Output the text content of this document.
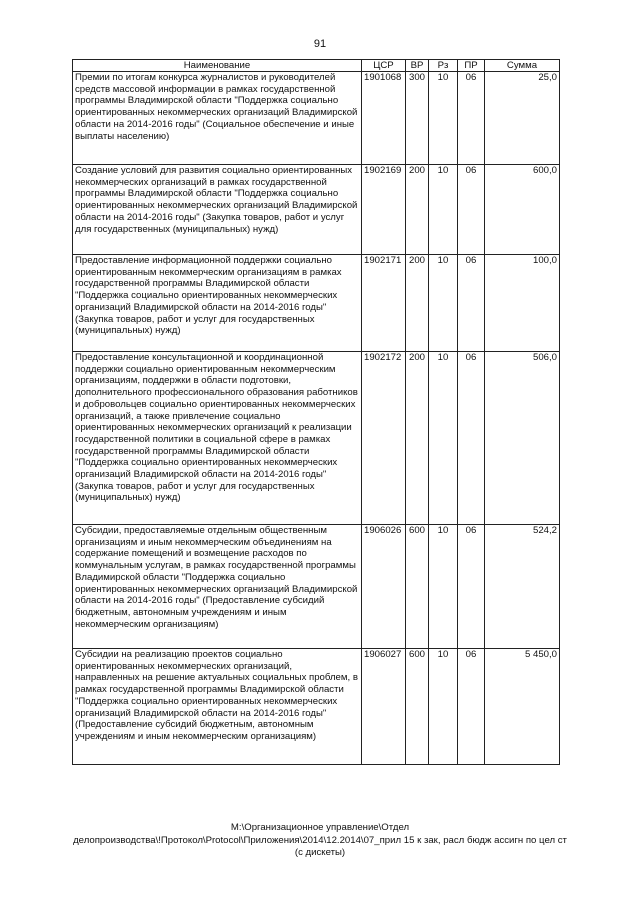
91
Наименование	ЦСР	ВР	Рз	ПР	Сумма
Премии по итогам конкурса журналистов и руководителей средств массовой информации в рамках государственной программы Владимирской области "Поддержка социально ориентированных некоммерческих организаций Владимирской области на 2014-2016 годы" (Социальное обеспечение и иные выплаты населению)	1901068	300	10	06	25,0
Создание условий для развития социально ориентированных некоммерческих организаций в рамках государственной программы Владимирской области "Поддержка социально ориентированных некоммерческих организаций Владимирской области на 2014-2016 годы" (Закупка товаров, работ и услуг для государственных (муниципальных) нужд)	1902169	200	10	06	600,0
Предоставление информационной поддержки социально ориентированным некоммерческим организациям в рамках государственной программы Владимирской области "Поддержка социально ориентированных некоммерческих организаций Владимирской области на 2014-2016 годы" (Закупка товаров, работ и услуг для государственных (муниципальных) нужд)	1902171	200	10	06	100,0
Предоставление консультационной и координационной поддержки социально ориентированным некоммерческим организациям, поддержки в области подготовки, дополнительного профессионального образования работников и добровольцев социально ориентированных некоммерческих организаций, а также привлечение социально ориентированных некоммерческих организаций к реализации государственной политики в социальной сфере в рамках государственной программы Владимирской области "Поддержка социально ориентированных некоммерческих организаций Владимирской области на 2014-2016 годы" (Закупка товаров, работ и услуг для государственных (муниципальных) нужд)	1902172	200	10	06	506,0
Субсидии, предоставляемые отдельным общественным организациям и иным некоммерческим объединениям на содержание помещений и возмещение расходов по коммунальным услугам, в рамках государственной программы Владимирской области "Поддержка социально ориентированных некоммерческих организаций Владимирской области на 2014-2016 годы" (Предоставление субсидий бюджетным, автономным учреждениям и иным некоммерческим организациям)	1906026	600	10	06	524,2
Субсидии на реализацию проектов социально ориентированных некоммерческих организаций, направленных на решение актуальных социальных проблем, в рамках государственной программы Владимирской области "Поддержка социально ориентированных некоммерческих организаций Владимирской области на 2014-2016 годы" (Предоставление субсидий бюджетным, автономным учреждениям и иным некоммерческим организациям)	1906027	600	10	06	5 450,0
М:\Организационное управление\Отдел
делопроизводства\!Протокол\Protocol\Приложения\2014\12.2014\07_прил 15 к зак, расл бюдж ассигн по цел ст
(с дискеты)
